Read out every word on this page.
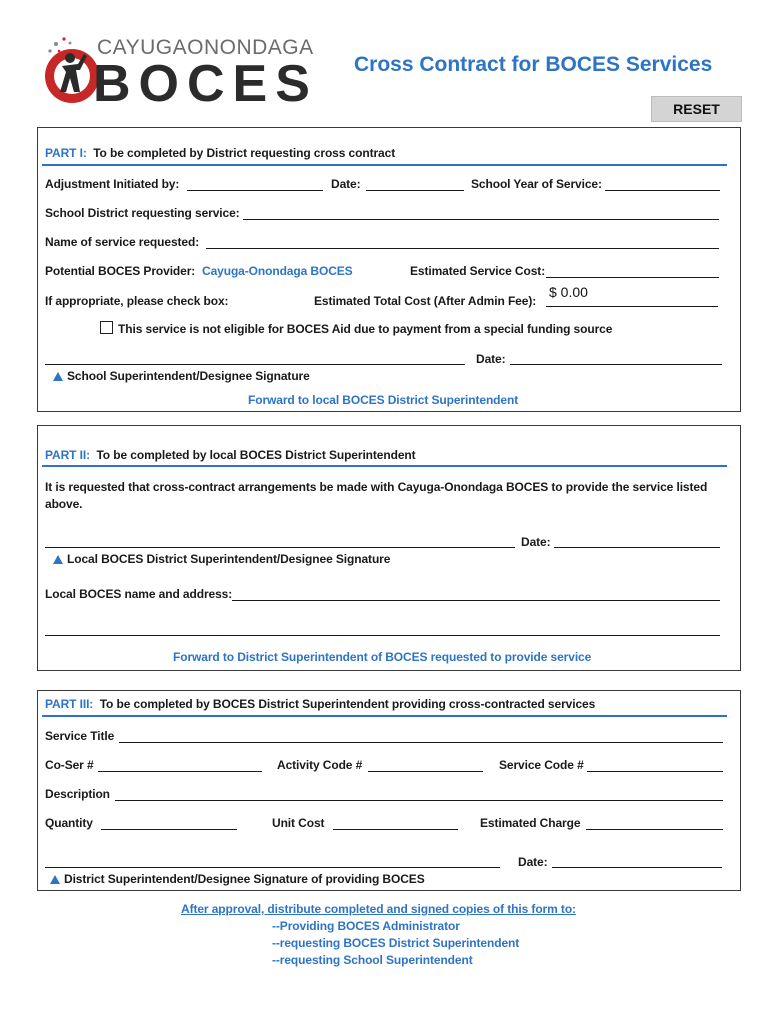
CAYUGAONONDAGA
BOCES Cross Contract for BOCES Services
RESET
PART I: To be completed by District requesting cross contract
Adjustment Initiated by:	Date:	School Year of Service:
School District requesting service:
Name of service requested:
Potential BOCES Provider: Cayuga-Onondaga BOCES	Estimated Service Cost:
If appropriate, please check box:	Estimated Total Cost (After Admin Fee):
$ 0.00
This service is not eligible for BOCES Aid due to payment from a special funding source
Date:
School Superintendent/Designee Signature
Forward to local BOCES District Superintendent
PART II: To be completed by local BOCES District Superintendent
It is requested that cross-contract arrangements be made with Cayuga-Onondaga BOCES to provide the service listed
above.
Date:
Local BOCES District Superintendent/Designee Signature
Local BOCES name and address:
Forward to District Superintendent of BOCES requested to provide service
PART III: To be completed by BOCES District Superintendent providing cross-contracted services
Service Title
Co-Ser #	Activity Code #	Service Code #
Description
Quantity	Unit Cost	Estimated Charge
Date:
District Superintendent/Designee Signature of providing BOCES
After approval, distribute completed and signed copies of this form to:
--Providing BOCES Administrator
--requesting BOCES District Superintendent
--requesting School Superintendent
